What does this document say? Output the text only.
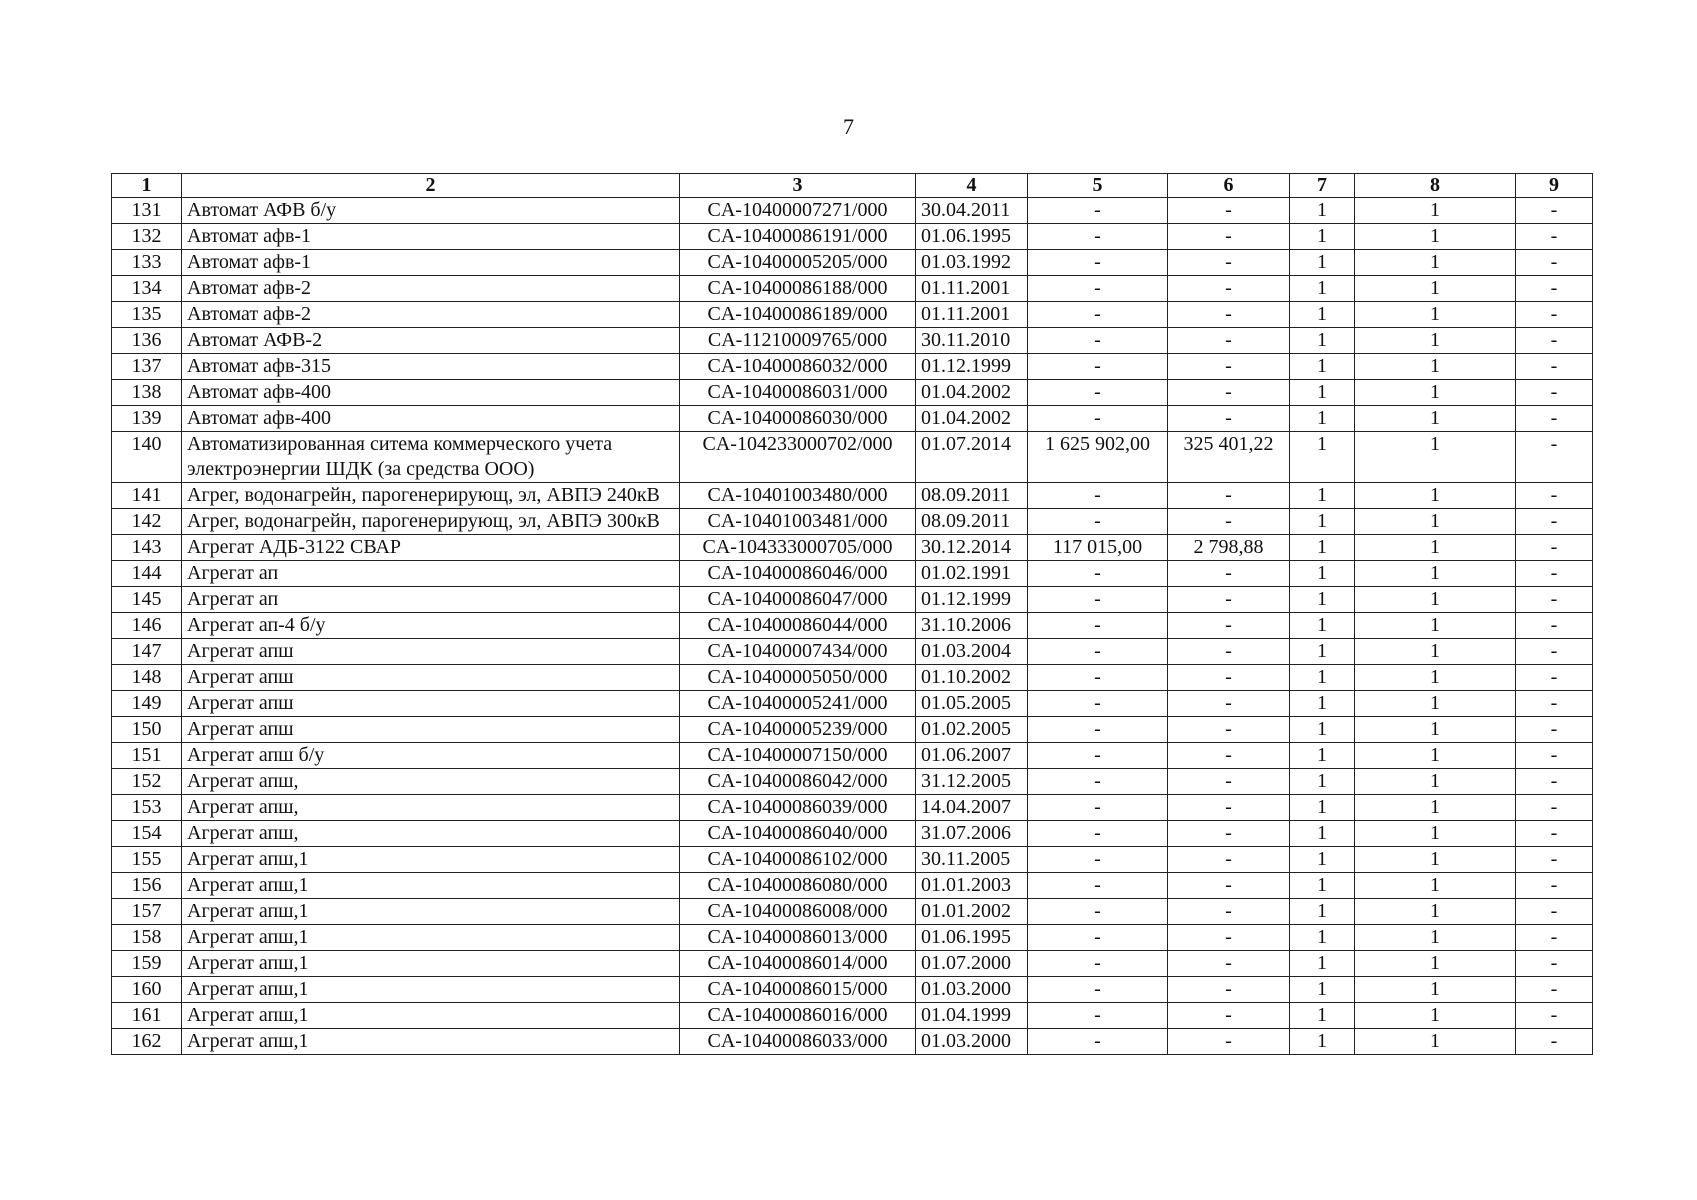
7
1	2	3	4	5	6	7	8	9
131	Автомат АФВ б/у	CA-10400007271/000	30.04.2011	-	-	1	1	-
132	Автомат афв-1	CA-10400086191/000	01.06.1995	-	-	1	1	-
133	Автомат афв-1	CA-10400005205/000	01.03.1992	-	-	1	1	-
134	Автомат афв-2	CA-10400086188/000	01.11.2001	-	-	1	1	-
135	Автомат афв-2	CA-10400086189/000	01.11.2001	-	-	1	1	-
136	Автомат АФВ-2	CA-11210009765/000	30.11.2010	-	-	1	1	-
137	Автомат афв-315	CA-10400086032/000	01.12.1999	-	-	1	1	-
138	Автомат афв-400	CA-10400086031/000	01.04.2002	-	-	1	1	-
139	Автомат афв-400	CA-10400086030/000	01.04.2002	-	-	1	1	-
140	Автоматизированная ситема коммерческого учета электроэнергии ШДК (за средства ООО)	CA-104233000702/000	01.07.2014	1 625 902,00	325 401,22	1	1	-
141	Агрег, водонагрейн, парогенерирующ, эл, АВПЭ 240кВ	CA-10401003480/000	08.09.2011	-	-	1	1	-
142	Агрег, водонагрейн, парогенерирующ, эл, АВПЭ 300кВ	CA-10401003481/000	08.09.2011	-	-	1	1	-
143	Агрегат АДБ-3122 СВАР	CA-104333000705/000	30.12.2014	117 015,00	2 798,88	1	1	-
144	Агрегат ап	CA-10400086046/000	01.02.1991	-	-	1	1	-
145	Агрегат ап	CA-10400086047/000	01.12.1999	-	-	1	1	-
146	Агрегат ап-4 б/у	CA-10400086044/000	31.10.2006	-	-	1	1	-
147	Агрегат апш	CA-10400007434/000	01.03.2004	-	-	1	1	-
148	Агрегат апш	CA-10400005050/000	01.10.2002	-	-	1	1	-
149	Агрегат апш	CA-10400005241/000	01.05.2005	-	-	1	1	-
150	Агрегат апш	CA-10400005239/000	01.02.2005	-	-	1	1	-
151	Агрегат апш б/у	CA-10400007150/000	01.06.2007	-	-	1	1	-
152	Агрегат апш,	CA-10400086042/000	31.12.2005	-	-	1	1	-
153	Агрегат апш,	CA-10400086039/000	14.04.2007	-	-	1	1	-
154	Агрегат апш,	CA-10400086040/000	31.07.2006	-	-	1	1	-
155	Агрегат апш,1	CA-10400086102/000	30.11.2005	-	-	1	1	-
156	Агрегат апш,1	CA-10400086080/000	01.01.2003	-	-	1	1	-
157	Агрегат апш,1	CA-10400086008/000	01.01.2002	-	-	1	1	-
158	Агрегат апш,1	CA-10400086013/000	01.06.1995	-	-	1	1	-
159	Агрегат апш,1	CA-10400086014/000	01.07.2000	-	-	1	1	-
160	Агрегат апш,1	CA-10400086015/000	01.03.2000	-	-	1	1	-
161	Агрегат апш,1	CA-10400086016/000	01.04.1999	-	-	1	1	-
162	Агрегат апш,1	CA-10400086033/000	01.03.2000	-	-	1	1	-
